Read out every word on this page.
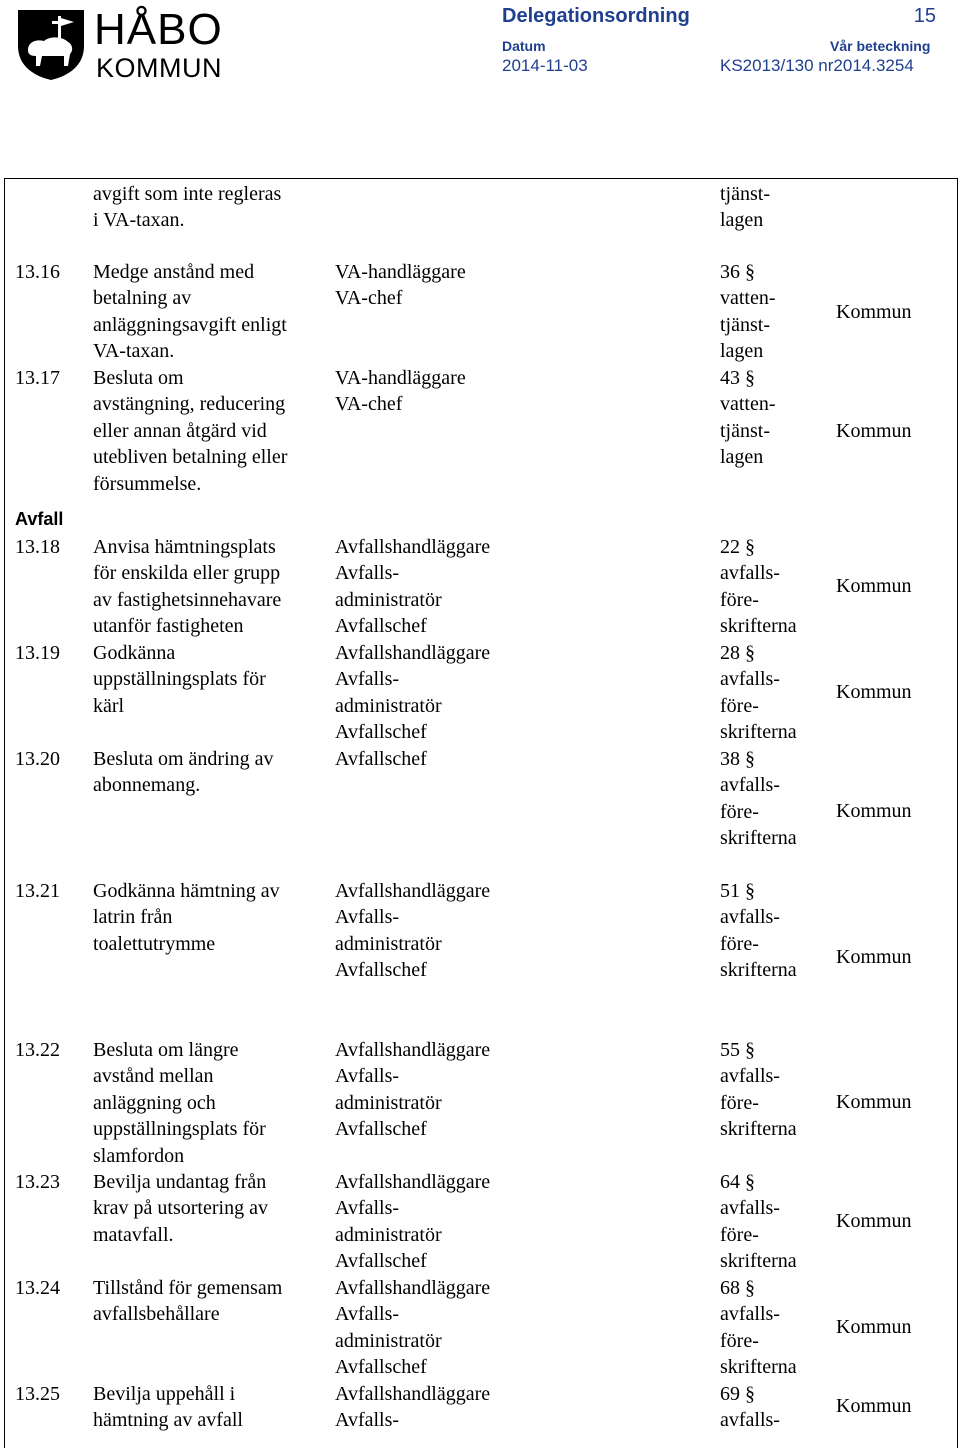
HÅBO
KOMMUN
Delegationsordning	15
Datum
2014-11-03
Vår beteckning
KS2013/130 nr2014.3254
Avfall
avgift som inte regleras
i VA-taxan.
tjänst-
lagen
13.16 Medge anstånd med
betalning av
anläggningsavgift enligt
VA-taxan.
VA-handläggare
VA-chef
36 §
vatten-
tjänst-
lagen
Kommun
13.17 Besluta om
avstängning, reducering
eller annan åtgärd vid
utebliven betalning eller
försummelse.
VA-handläggare
VA-chef
43 §
vatten-
tjänst-
lagen
Kommun
13.18 Anvisa hämtningsplats
för enskilda eller grupp
av fastighetsinnehavare
utanför fastigheten
Avfallshandläggare
Avfalls-
administratör
Avfallschef
22 §
avfalls-
före-
skrifterna
Kommun
13.19 Godkänna
uppställningsplats för
kärl
Avfallshandläggare
Avfalls-
administratör
Avfallschef
28 §
avfalls-
före-
skrifterna
Kommun
13.20 Besluta om ändring av
abonnemang.
Avfallschef	38 §
avfalls-
före-
skrifterna
Kommun
13.21 Godkänna hämtning av
latrin från
toalettutrymme
Avfallshandläggare
Avfalls-
administratör
Avfallschef
51 §
avfalls-
före-
skrifterna
Kommun
13.22 Besluta om längre
avstånd mellan
anläggning och
uppställningsplats för
slamfordon
Avfallshandläggare
Avfalls-
administratör
Avfallschef
55 §
avfalls-
före-
skrifterna
Kommun
13.23 Bevilja undantag från
krav på utsortering av
matavfall.
Avfallshandläggare
Avfalls-
administratör
Avfallschef
64 §
avfalls-
före-
skrifterna
Kommun
13.24 Tillstånd för gemensam
avfallsbehållare
Avfallshandläggare
Avfalls-
administratör
Avfallschef
68 §
avfalls-
före-
skrifterna
Kommun
13.25 Bevilja uppehåll i
hämtning av avfall
Avfallshandläggare
Avfalls-
69 §
avfalls-
Kommun
